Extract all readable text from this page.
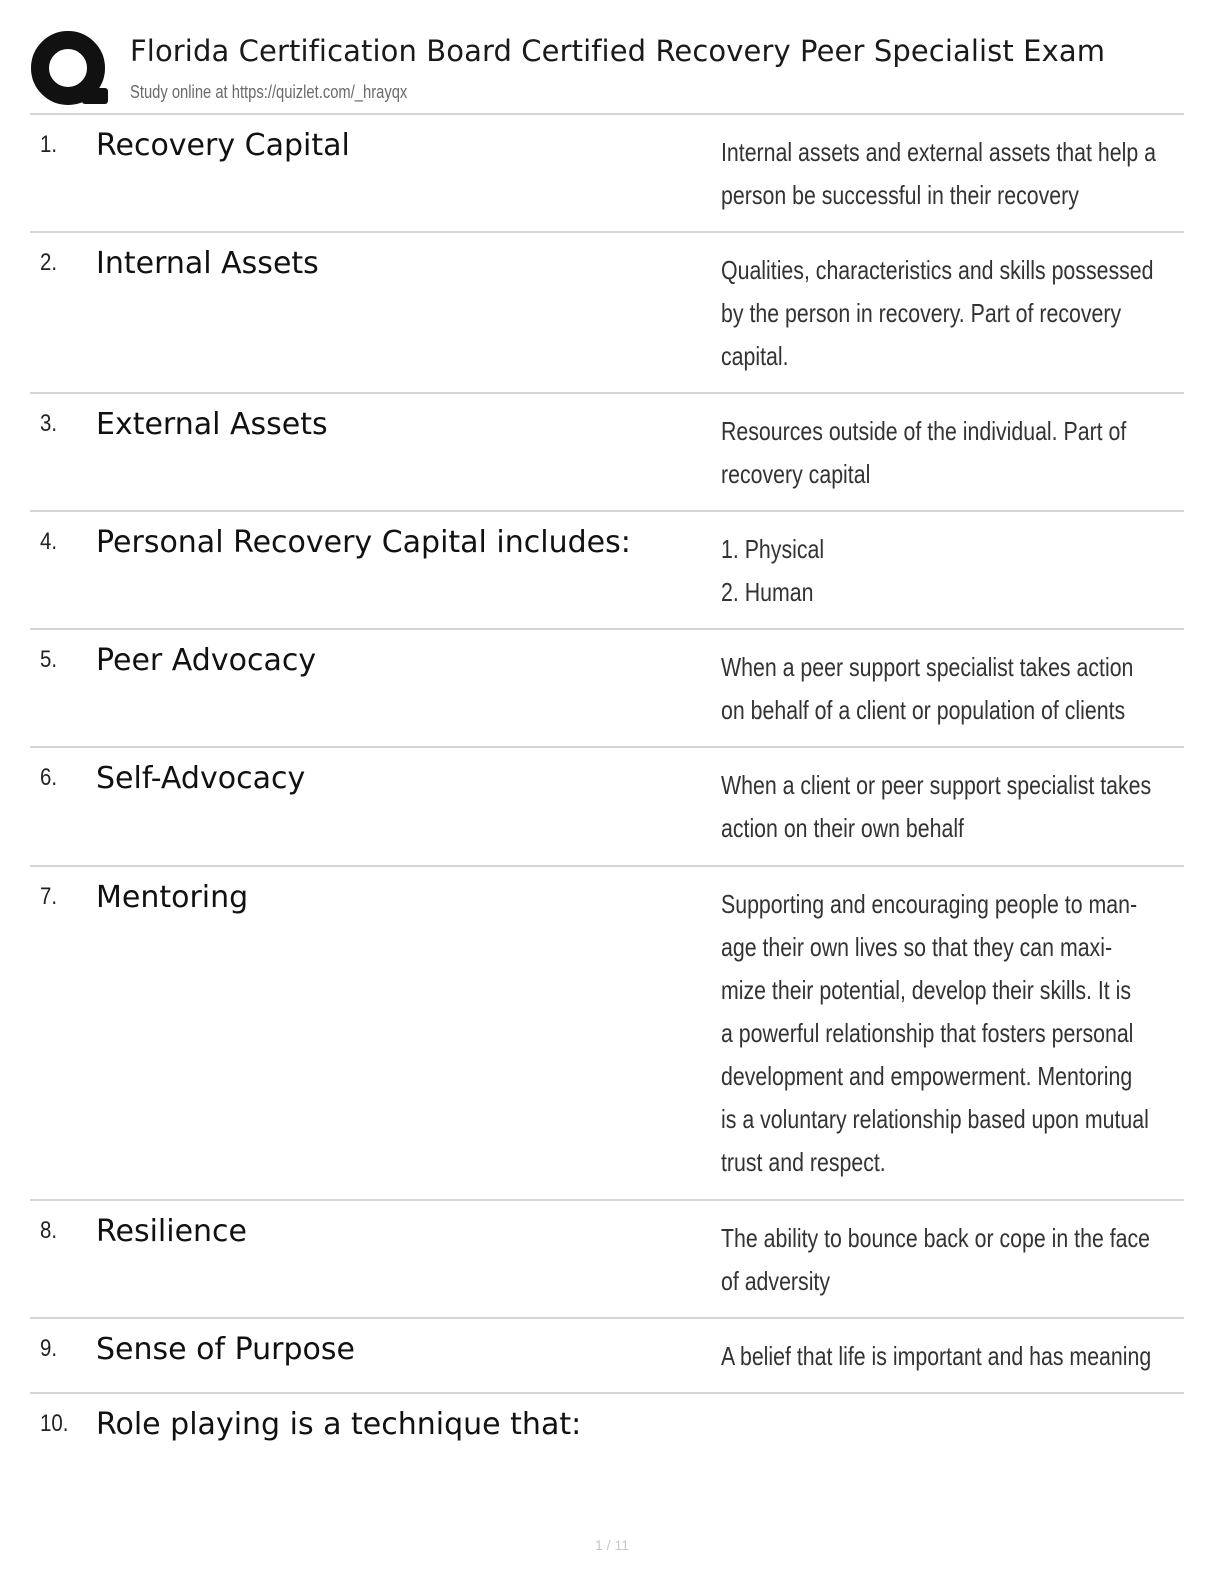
Florida Certification Board Certified Recovery Peer Specialist Exam
Study online at https://quizlet.com/_hrayqx
1. Recovery Capital	Internal assets and external assets that help a
person be successful in their recovery
2. Internal Assets	Qualities, characteristics and skills possessed
by the person in recovery. Part of recovery
capital.
3. External Assets	Resources outside of the individual. Part of
recovery capital
4. Personal Recovery Capital includes:	1. Physical
2. Human
5. Peer Advocacy	When a peer support specialist takes action
on behalf of a client or population of clients
6. Self-Advocacy	When a client or peer support specialist takes
action on their own behalf
7. Mentoring	Supporting and encouraging people to man-
age their own lives so that they can maxi-
mize their potential, develop their skills. It is
a powerful relationship that fosters personal
development and empowerment. Mentoring
is a voluntary relationship based upon mutual
trust and respect.
8. Resilience	The ability to bounce back or cope in the face
of adversity
9. Sense of Purpose	A belief that life is important and has meaning
10. Role playing is a technique that:
1 / 11
